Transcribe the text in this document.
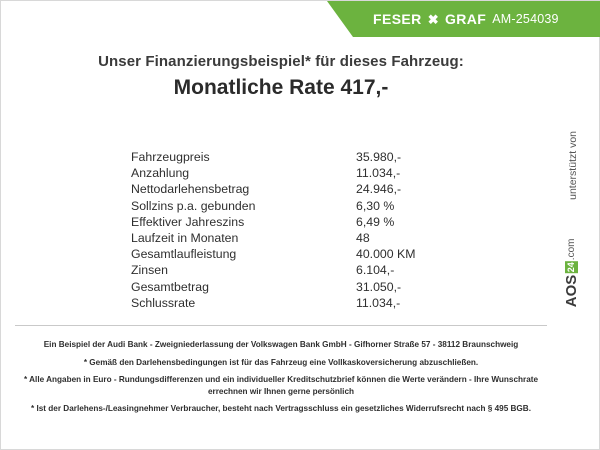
FESER ✖ GRAF AM-254039
Unser Finanzierungsbeispiel* für dieses Fahrzeug:
Monatliche Rate 417,-
Fahrzeugpreis	35.980,-
Anzahlung	11.034,-
Nettodarlehensbetrag	24.946,-
Sollzins p.a. gebunden	6,30 %
Effektiver Jahreszins	6,49 %
Laufzeit in Monaten	48
Gesamtlaufleistung	40.000 KM
Zinsen	6.104,-
Gesamtbetrag	31.050,-
Schlussrate	11.034,-

Ein Beispiel der Audi Bank - Zweigniederlassung der Volkswagen Bank GmbH - Gifhorner Straße 57 - 38112 Braunschweig

* Gemäß den Darlehensbedingungen ist für das Fahrzeug eine Vollkaskoversicherung abzuschließen.

* Alle Angaben in Euro - Rundungsdifferenzen und ein individueller Kreditschutzbrief können die Werte verändern - Ihre Wunschrate errechnen wir Ihnen gerne persönlich

* Ist der Darlehens-/Leasingnehmer Verbraucher, besteht nach Vertragsschluss ein gesetzliches Widerrufsrecht nach § 495 BGB.

unterstützt von
AOS
24
.com
